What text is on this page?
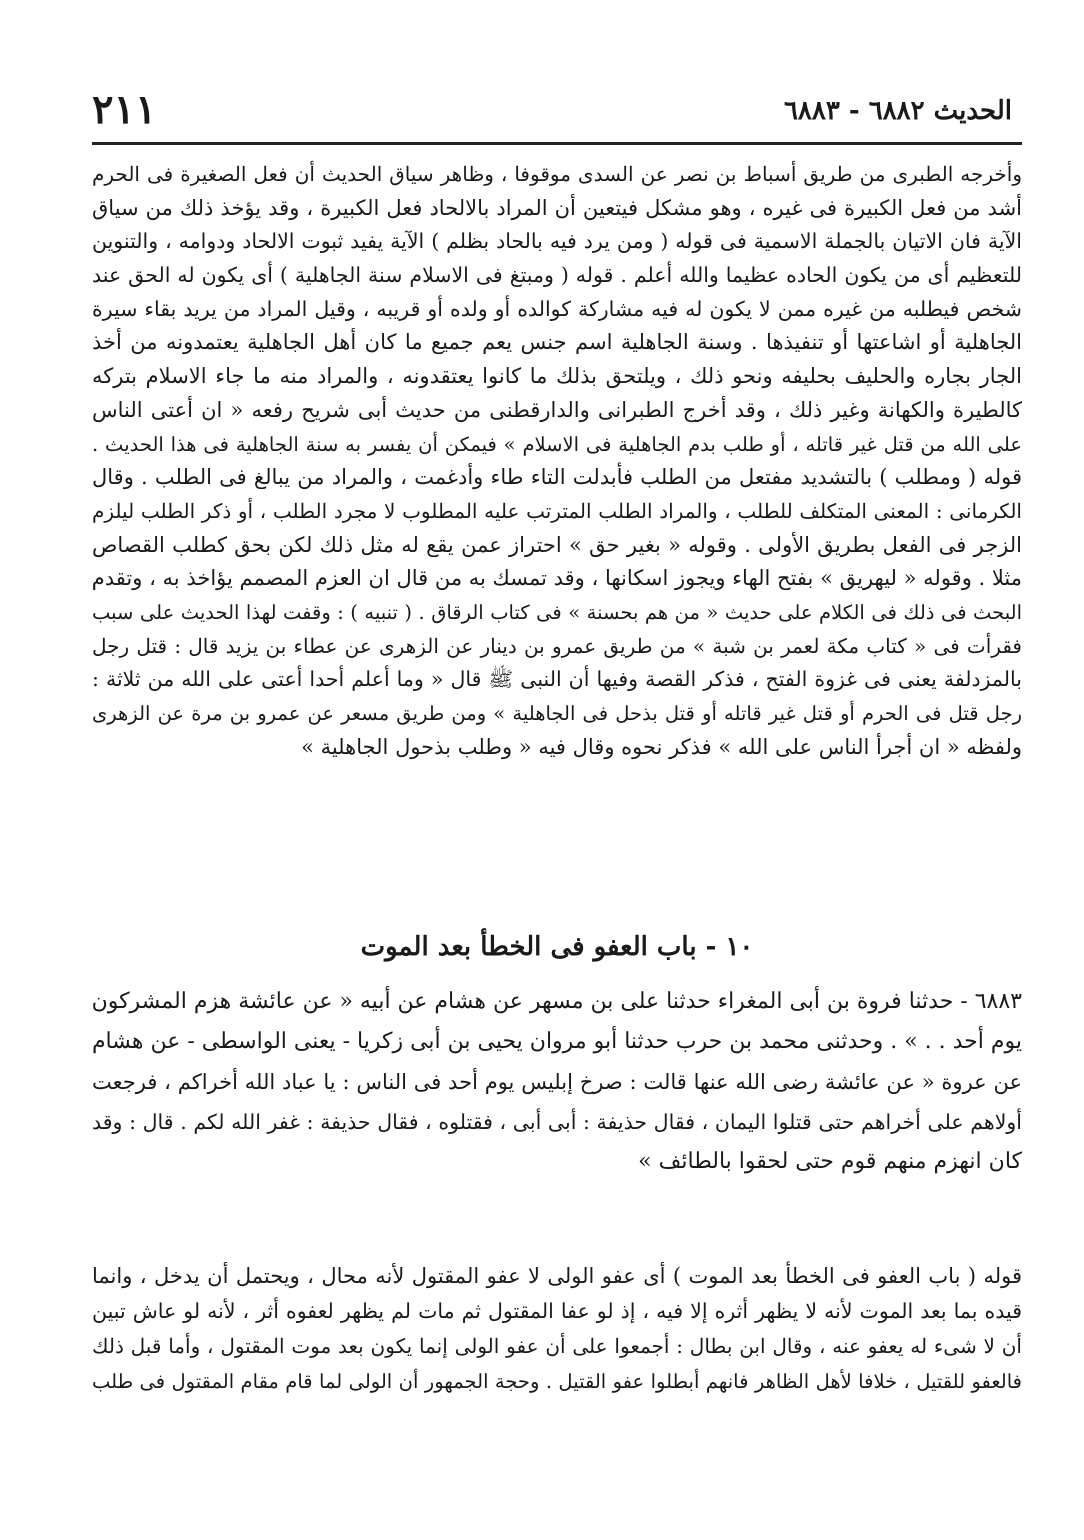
الحديث ٦٨٨٢ - ٦٨٨٣
٢١١
وأخرجه الطبرى من طريق أسباط بن نصر عن السدى موقوفا ، وظاهر سياق الحديث أن فعل الصغيرة فى الحرم
أشد من فعل الكبيرة فى غيره ، وهو مشكل فيتعين أن المراد بالالحاد فعل الكبيرة ، وقد يؤخذ ذلك من سياق
الآية فان الاتيان بالجملة الاسمية فى قوله ( ومن يرد فيه بالحاد بظلم ) الآية يفيد ثبوت الالحاد ودوامه ، والتنوين
للتعظيم أى من يكون الحاده عظيما والله أعلم . قوله ( ومبتغ فى الاسلام سنة الجاهلية ) أى يكون له الحق عند
شخص فيطلبه من غيره ممن لا يكون له فيه مشاركة كوالده أو ولده أو قريبه ، وقيل المراد من يريد بقاء سيرة
الجاهلية أو اشاعتها أو تنفيذها . وسنة الجاهلية اسم جنس يعم جميع ما كان أهل الجاهلية يعتمدونه من أخذ
الجار بجاره والحليف بحليفه ونحو ذلك ، ويلتحق بذلك ما كانوا يعتقدونه ، والمراد منه ما جاء الاسلام بتركه
كالطيرة والكهانة وغير ذلك ، وقد أخرج الطبرانى والدارقطنى من حديث أبى شريح رفعه « ان أعتى الناس
على الله من قتل غير قاتله ، أو طلب بدم الجاهلية فى الاسلام » فيمكن أن يفسر به سنة الجاهلية فى هذا الحديث .
قوله ( ومطلب ) بالتشديد مفتعل من الطلب فأبدلت التاء طاء وأدغمت ، والمراد من يبالغ فى الطلب . وقال
الكرمانى : المعنى المتكلف للطلب ، والمراد الطلب المترتب عليه المطلوب لا مجرد الطلب ، أو ذكر الطلب ليلزم
الزجر فى الفعل بطريق الأولى . وقوله « بغير حق » احتراز عمن يقع له مثل ذلك لكن بحق كطلب القصاص
مثلا . وقوله « ليهريق » بفتح الهاء ويجوز اسكانها ، وقد تمسك به من قال ان العزم المصمم يؤاخذ به ، وتقدم
البحث فى ذلك فى الكلام على حديث « من هم بحسنة » فى كتاب الرقاق . ( تنبيه ) : وقفت لهذا الحديث على سبب
فقرأت فى « كتاب مكة لعمر بن شبة » من طريق عمرو بن دينار عن الزهرى عن عطاء بن يزيد قال : قتل رجل
بالمزدلفة يعنى فى غزوة الفتح ، فذكر القصة وفيها أن النبى ﷺ قال « وما أعلم أحدا أعتى على الله من ثلاثة :
رجل قتل فى الحرم أو قتل غير قاتله أو قتل بذحل فى الجاهلية » ومن طريق مسعر عن عمرو بن مرة عن الزهرى
ولفظه « ان أجرأ الناس على الله » فذكر نحوه وقال فيه « وطلب بذحول الجاهلية »
١٠ - باب العفو فى الخطأ بعد الموت
٦٨٨٣ - حدثنا فروة بن أبى المغراء حدثنا على بن مسهر عن هشام عن أبيه « عن عائشة هزم المشركون
يوم أحد . . » . وحدثنى محمد بن حرب حدثنا أبو مروان يحيى بن أبى زكريا - يعنى الواسطى - عن هشام
عن عروة « عن عائشة رضى الله عنها قالت : صرخ إبليس يوم أحد فى الناس : يا عباد الله أخراكم ، فرجعت
أولاهم على أخراهم حتى قتلوا اليمان ، فقال حذيفة : أبى أبى ، فقتلوه ، فقال حذيفة : غفر الله لكم . قال : وقد
كان انهزم منهم قوم حتى لحقوا بالطائف »
قوله ( باب العفو فى الخطأ بعد الموت ) أى عفو الولى لا عفو المقتول لأنه محال ، ويحتمل أن يدخل ، وانما
قيده بما بعد الموت لأنه لا يظهر أثره إلا فيه ، إذ لو عفا المقتول ثم مات لم يظهر لعفوه أثر ، لأنه لو عاش تبين
أن لا شىء له يعفو عنه ، وقال ابن بطال : أجمعوا على أن عفو الولى إنما يكون بعد موت المقتول ، وأما قبل ذلك
فالعفو للقتيل ، خلافا لأهل الظاهر فانهم أبطلوا عفو القتيل . وحجة الجمهور أن الولى لما قام مقام المقتول فى طلب
